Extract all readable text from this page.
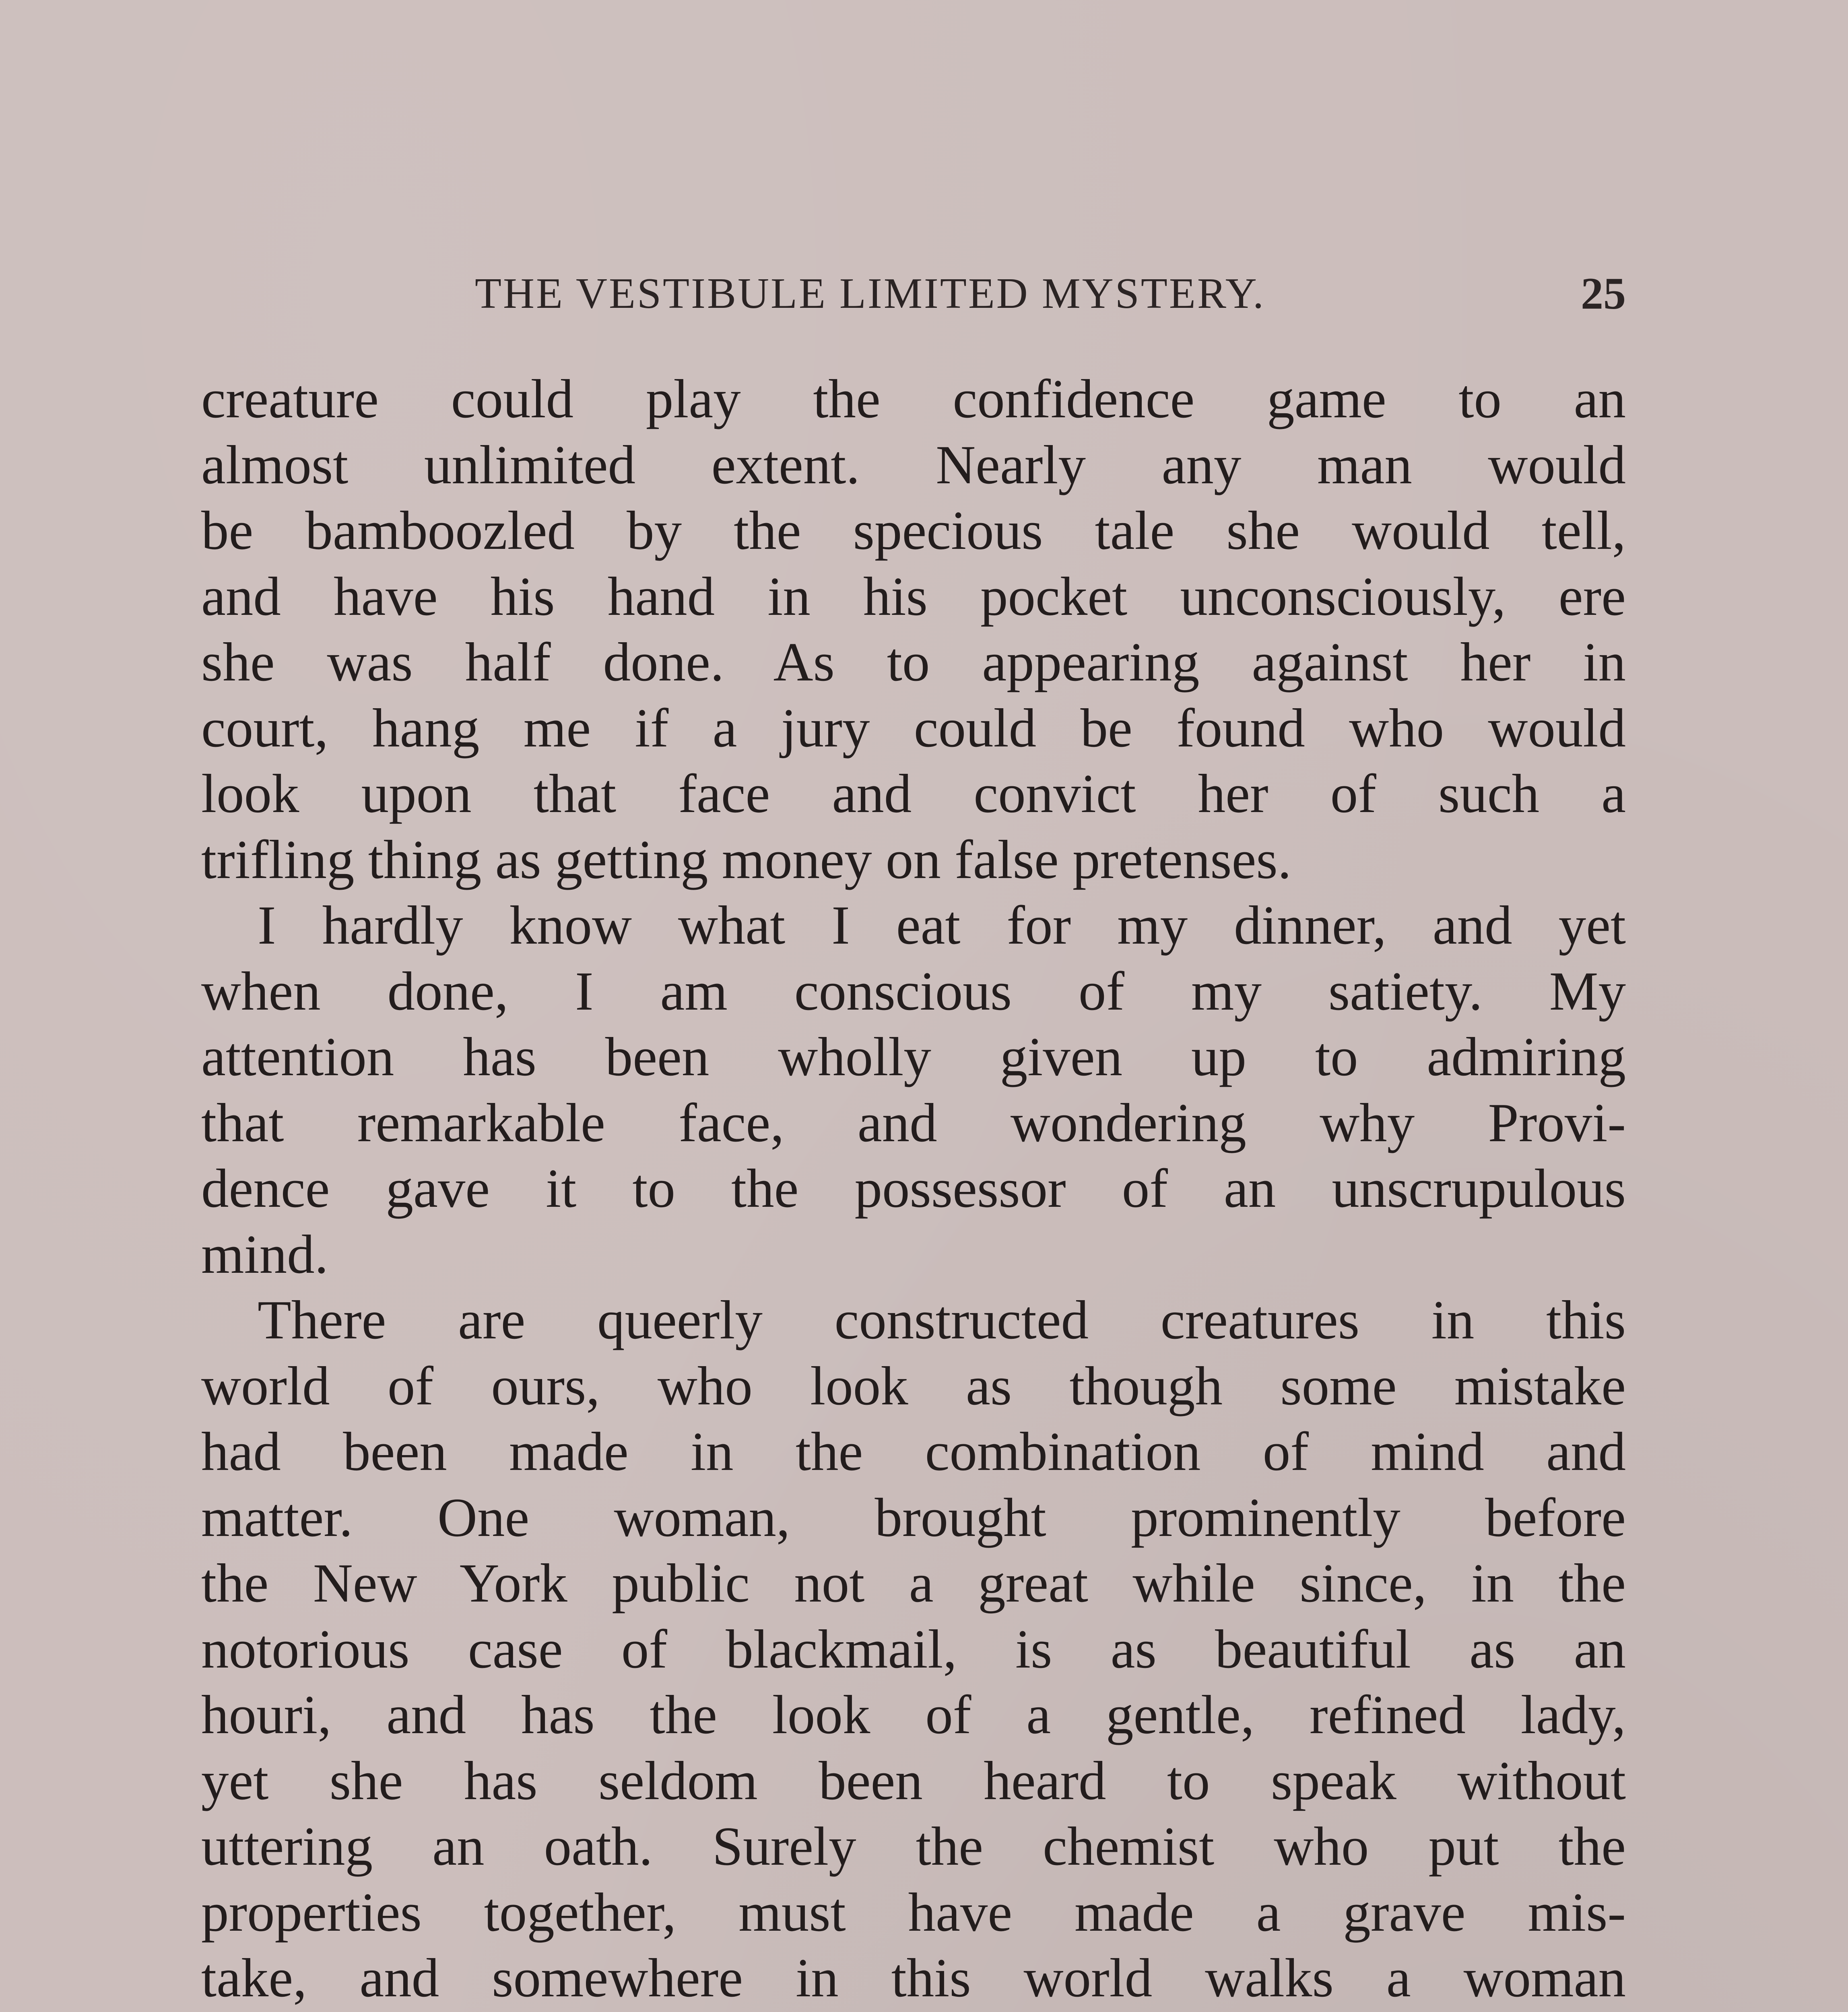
THE VESTIBULE LIMITED MYSTERY.	25

creature could play the confidence game to an

almost unlimited extent. Nearly any man would

be bamboozled by the specious tale she would tell,

and have his hand in his pocket unconsciously, ere

she was half done. As to appearing against her in

court, hang me if a jury could be found who would

look upon that face and convict her of such a

trifling thing as getting money on false pretenses.

I hardly know what I eat for my dinner, and yet

when done, I am conscious of my satiety. My

attention has been wholly given up to admiring

that remarkable face, and wondering why Provi-

dence gave it to the possessor of an unscrupulous

mind.

There are queerly constructed creatures in this

world of ours, who look as though some mistake

had been made in the combination of mind and

matter. One woman, brought prominently before

the New York public not a great while since, in the

notorious case of blackmail, is as beautiful as an

houri, and has the look of a gentle, refined lady,

yet she has seldom been heard to speak without

uttering an oath. Surely the chemist who put the

properties together, must have made a grave mis-

take, and somewhere in this world walks a woman
